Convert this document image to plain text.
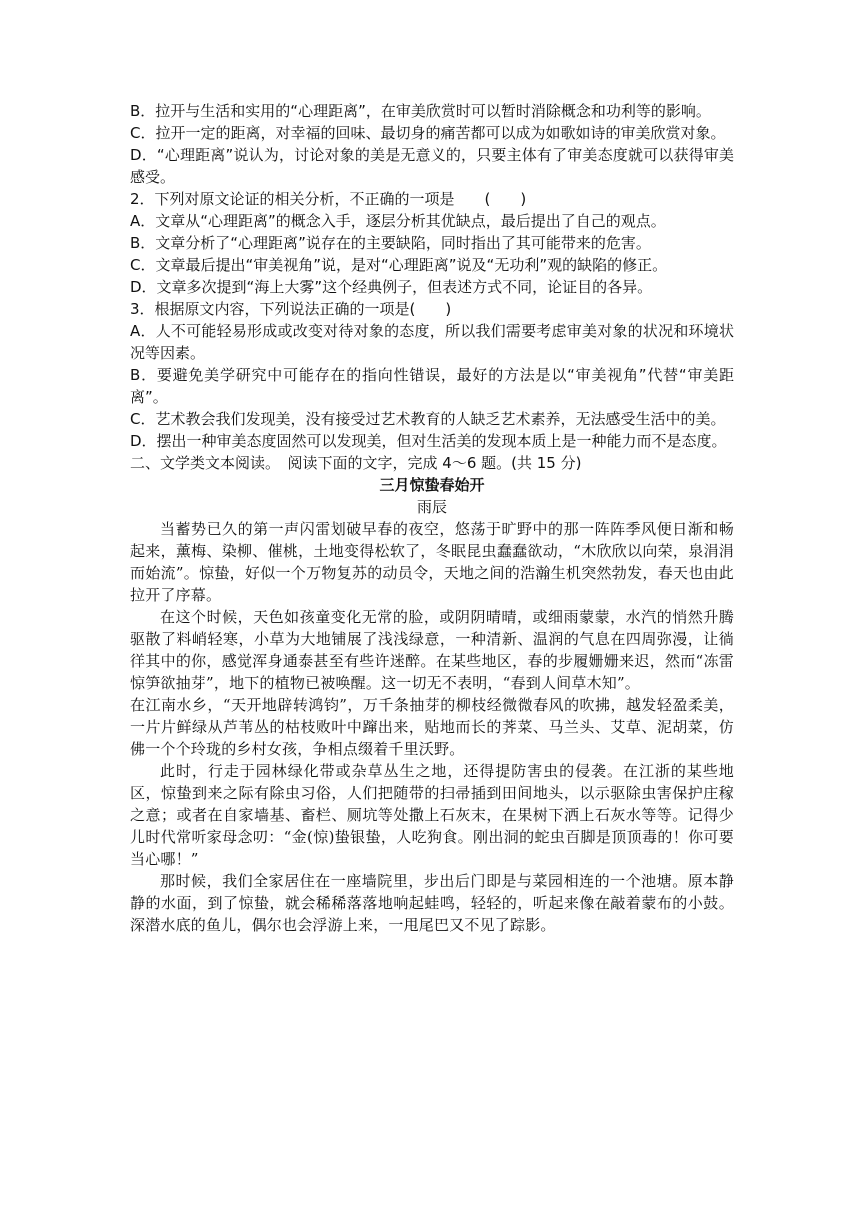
B．拉开与生活和实用的“心理距离”，在审美欣赏时可以暂时消除概念和功利等的影响。

C．拉开一定的距离，对幸福的回味、最切身的痛苦都可以成为如歌如诗的审美欣赏对象。

D．“心理距离”说认为，讨论对象的美是无意义的，只要主体有了审美态度就可以获得审美感受。

2．下列对原文论证的相关分析，不正确的一项是　　(　　)

A．文章从“心理距离”的概念入手，逐层分析其优缺点，最后提出了自己的观点。

B．文章分析了“心理距离”说存在的主要缺陷，同时指出了其可能带来的危害。

C．文章最后提出“审美视角”说，是对“心理距离”说及“无功利”观的缺陷的修正。

D．文章多次提到“海上大雾”这个经典例子，但表述方式不同，论证目的各异。

3．根据原文内容，下列说法正确的一项是(　　)

A．人不可能轻易形成或改变对待对象的态度，所以我们需要考虑审美对象的状况和环境状况等因素。

B．要避免美学研究中可能存在的指向性错误，最好的方法是以“审美视角”代替“审美距离”。

C．艺术教会我们发现美，没有接受过艺术教育的人缺乏艺术素养，无法感受生活中的美。

D．摆出一种审美态度固然可以发现美，但对生活美的发现本质上是一种能力而不是态度。

二、文学类文本阅读。　阅读下面的文字，完成 4～6 题。(共 15 分)

三月惊蛰春始开

雨辰

当蓄势已久的第一声闪雷划破早春的夜空，悠荡于旷野中的那一阵阵季风便日渐和畅起来，薰梅、染柳、催桃，土地变得松软了，冬眠昆虫蠢蠢欲动，“木欣欣以向荣，泉涓涓而始流”。惊蛰，好似一个万物复苏的动员令，天地之间的浩瀚生机突然勃发，春天也由此拉开了序幕。

在这个时候，天色如孩童变化无常的脸，或阴阴晴晴，或细雨蒙蒙，水汽的悄然升腾驱散了料峭轻寒，小草为大地铺展了浅浅绿意，一种清新、温润的气息在四周弥漫，让徜徉其中的你，感觉浑身通泰甚至有些许迷醉。在某些地区，春的步履姗姗来迟，然而“冻雷惊笋欲抽芽”，地下的植物已被唤醒。这一切无不表明，“春到人间草木知”。

在江南水乡，“天开地辟转鸿钧”，万千条抽芽的柳枝经微微春风的吹拂，越发轻盈柔美，一片片鲜绿从芦苇丛的枯枝败叶中蹿出来，贴地而长的荠菜、马兰头、艾草、泥胡菜，仿佛一个个玲珑的乡村女孩，争相点缀着千里沃野。

此时，行走于园林绿化带或杂草丛生之地，还得提防害虫的侵袭。在江浙的某些地区，惊蛰到来之际有除虫习俗，人们把随带的扫帚插到田间地头，以示驱除虫害保护庄稼之意；或者在自家墙基、畜栏、厕坑等处撒上石灰末，在果树下洒上石灰水等等。记得少儿时代常听家母念叨：“金(惊)蛰银蛰，人吃狗食。刚出洞的蛇虫百脚是顶顶毒的！你可要当心哪！”

那时候，我们全家居住在一座墙院里，步出后门即是与菜园相连的一个池塘。原本静静的水面，到了惊蛰，就会稀稀落落地响起蛙鸣，轻轻的，听起来像在敲着蒙布的小鼓。深潜水底的鱼儿，偶尔也会浮游上来，一甩尾巴又不见了踪影。
